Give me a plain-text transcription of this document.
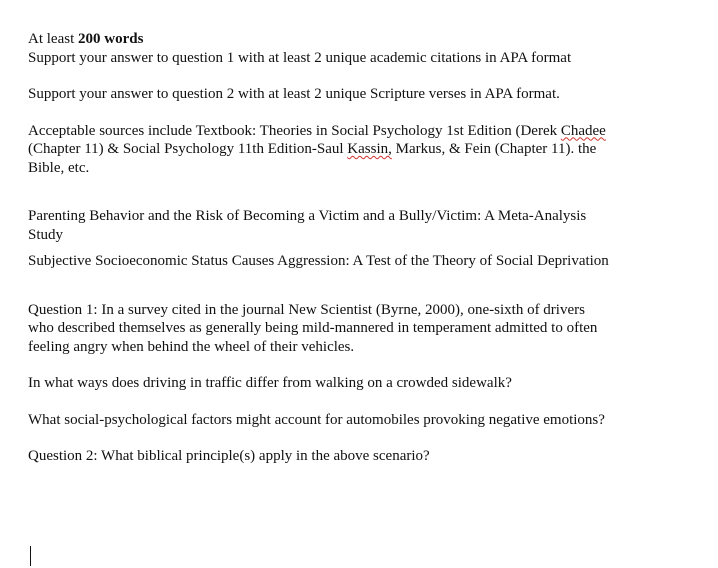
At least 200 words
Support your answer to question 1 with at least 2 unique academic citations in APA format

Support your answer to question 2 with at least 2 unique Scripture verses in APA format.

Acceptable sources include Textbook: Theories in Social Psychology 1st Edition (Derek Chadee
(Chapter 11) & Social Psychology 11th Edition-Saul Kassin, Markus, & Fein (Chapter 11). the
Bible, etc.

Parenting Behavior and the Risk of Becoming a Victim and a Bully/Victim: A Meta-Analysis
Study

Subjective Socioeconomic Status Causes Aggression: A Test of the Theory of Social Deprivation

Question 1: In a survey cited in the journal New Scientist (Byrne, 2000), one-sixth of drivers
who described themselves as generally being mild-mannered in temperament admitted to often
feeling angry when behind the wheel of their vehicles.

In what ways does driving in traffic differ from walking on a crowded sidewalk?

What social-psychological factors might account for automobiles provoking negative emotions?

Question 2: What biblical principle(s) apply in the above scenario?
